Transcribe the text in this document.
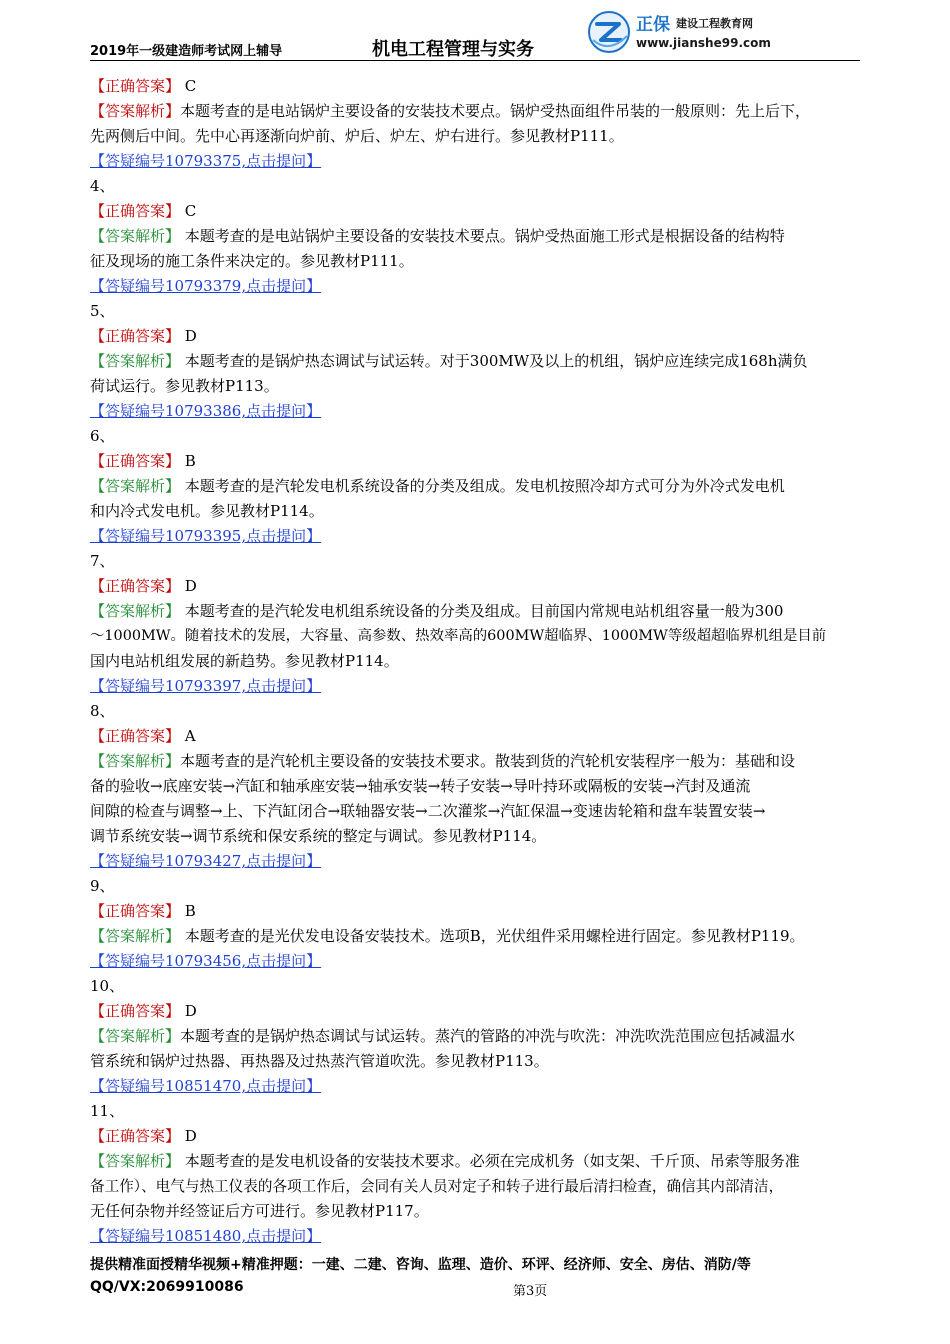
2019年一级建造师考试网上辅导	机电工程管理与实务
正保 建设工程教育网
www.jianshe99.com
【正确答案】 C
【答案解析】本题考查的是电站锅炉主要设备的安装技术要点。锅炉受热面组件吊装的一般原则：先上后下，
先两侧后中间。先中心再逐渐向炉前、炉后、炉左、炉右进行。参见教材P111。
【答疑编号10793375,点击提问】
4、
【正确答案】 C
【答案解析】 本题考查的是电站锅炉主要设备的安装技术要点。锅炉受热面施工形式是根据设备的结构特
征及现场的施工条件来决定的。参见教材P111。
【答疑编号10793379,点击提问】
5、
【正确答案】 D
【答案解析】 本题考查的是锅炉热态调试与试运转。对于300MW及以上的机组，锅炉应连续完成168h满负
荷试运行。参见教材P113。
【答疑编号10793386,点击提问】
6、
【正确答案】 B
【答案解析】 本题考查的是汽轮发电机系统设备的分类及组成。发电机按照冷却方式可分为外冷式发电机
和内冷式发电机。参见教材P114。
【答疑编号10793395,点击提问】
7、
【正确答案】 D
【答案解析】 本题考查的是汽轮发电机组系统设备的分类及组成。目前国内常规电站机组容量一般为300
～1000MW。随着技术的发展，大容量、高参数、热效率高的600MW超临界、1000MW等级超超临界机组是目前
国内电站机组发展的新趋势。参见教材P114。
【答疑编号10793397,点击提问】
8、
【正确答案】 A
【答案解析】本题考查的是汽轮机主要设备的安装技术要求。散装到货的汽轮机安装程序一般为：基础和设
备的验收→底座安装→汽缸和轴承座安装→轴承安装→转子安装→导叶持环或隔板的安装→汽封及通流
间隙的检查与调整→上、下汽缸闭合→联轴器安装→二次灌浆→汽缸保温→变速齿轮箱和盘车装置安装→
调节系统安装→调节系统和保安系统的整定与调试。参见教材P114。
【答疑编号10793427,点击提问】
9、
【正确答案】 B
【答案解析】 本题考查的是光伏发电设备安装技术。选项B，光伏组件采用螺栓进行固定。参见教材P119。
【答疑编号10793456,点击提问】
10、
【正确答案】 D
【答案解析】本题考查的是锅炉热态调试与试运转。蒸汽的管路的冲洗与吹洗：冲洗吹洗范围应包括减温水
管系统和锅炉过热器、再热器及过热蒸汽管道吹洗。参见教材P113。
【答疑编号10851470,点击提问】
11、
【正确答案】 D
【答案解析】 本题考查的是发电机设备的安装技术要求。必须在完成机务（如支架、千斤顶、吊索等服务准
备工作）、电气与热工仪表的各项工作后，会同有关人员对定子和转子进行最后清扫检查，确信其内部清洁，
无任何杂物并经签证后方可进行。参见教材P117。
【答疑编号10851480,点击提问】
提供精准面授精华视频+精准押题：一建、二建、咨询、监理、造价、环评、经济师、安全、房估、消防/等
QQ/VX:2069910086	第3页
